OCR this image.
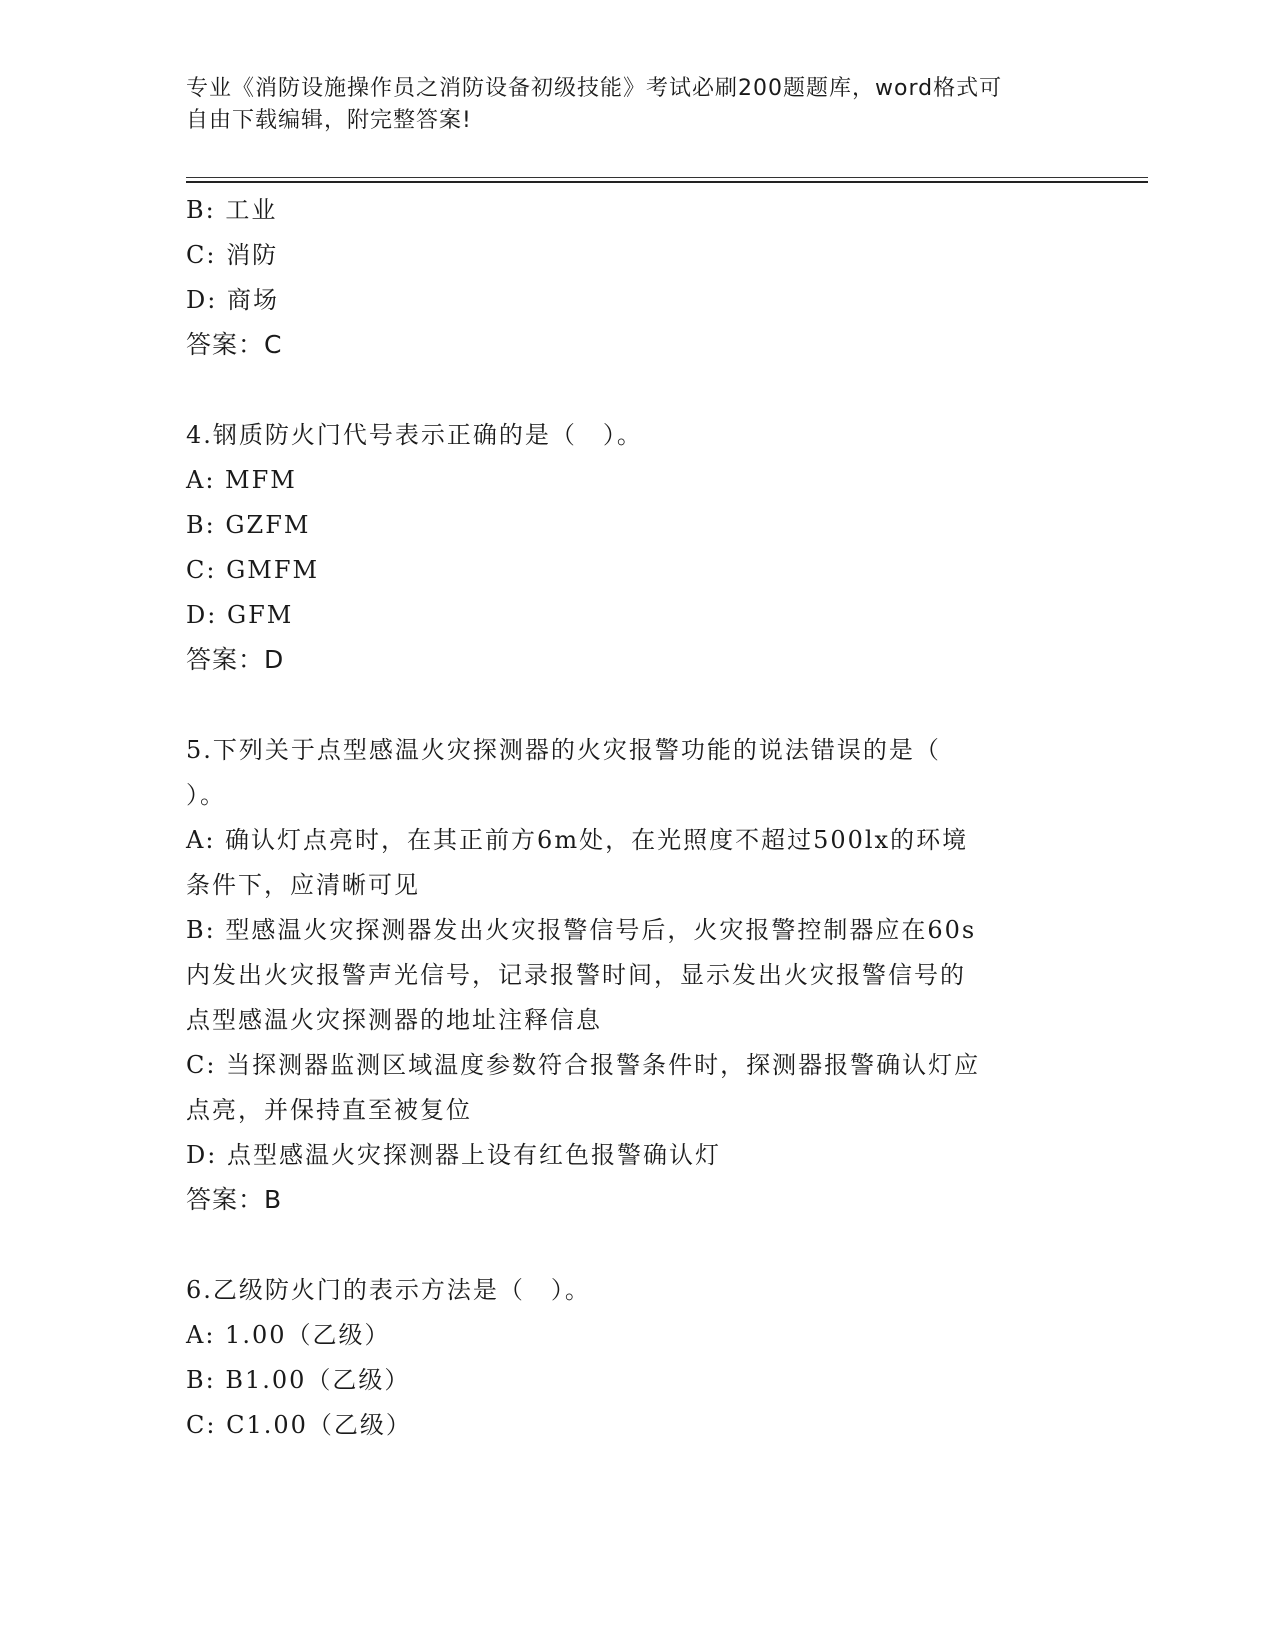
专业《消防设施操作员之消防设备初级技能》考试必刷200题题库，word格式可
自由下载编辑，附完整答案!
B: 工业
C: 消防
D: 商场
答案：C
4.钢质防火门代号表示正确的是（　）。
A: MFM
B: GZFM
C: GMFM
D: GFM
答案：D
5.下列关于点型感温火灾探测器的火灾报警功能的说法错误的是（
）。
A: 确认灯点亮时，在其正前方6m处，在光照度不超过500lx的环境
条件下，应清晰可见
B: 型感温火灾探测器发出火灾报警信号后，火灾报警控制器应在60s
内发出火灾报警声光信号，记录报警时间，显示发出火灾报警信号的
点型感温火灾探测器的地址注释信息
C: 当探测器监测区域温度参数符合报警条件时，探测器报警确认灯应
点亮，并保持直至被复位
D: 点型感温火灾探测器上设有红色报警确认灯
答案：B
6.乙级防火门的表示方法是（　）。
A: 1.00（乙级）
B: B1.00（乙级）
C: C1.00（乙级）
